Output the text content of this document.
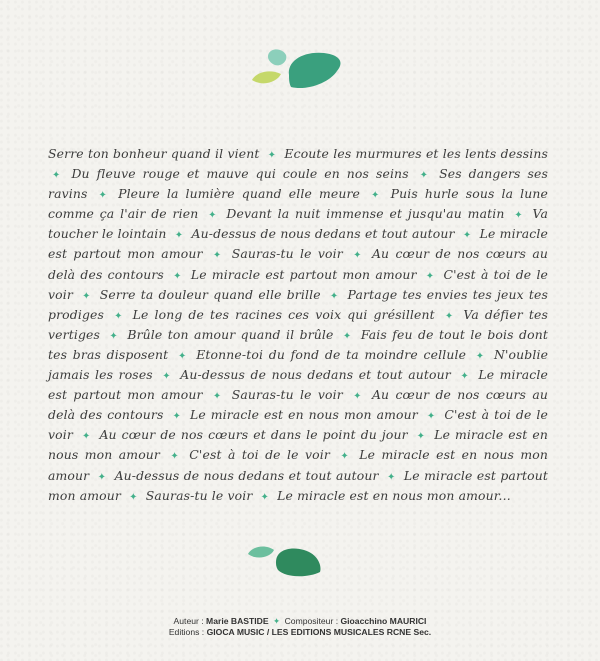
Serre ton bonheur quand il vient ✦ Ecoute les murmures et les lents dessins ✦ Du fleuve rouge et mauve qui coule en nos seins ✦ Ses dangers ses ravins ✦ Pleure la lumière quand elle meure ✦ Puis hurle sous la lune comme ça l'air de rien ✦ Devant la nuit immense et jusqu'au matin ✦ Va toucher le lointain ✦ Au-dessus de nous dedans et tout autour ✦ Le miracle est partout mon amour ✦ Sauras-tu le voir ✦ Au cœur de nos cœurs au delà des contours ✦ Le miracle est partout mon amour ✦ C'est à toi de le voir ✦ Serre ta douleur quand elle brille ✦ Partage tes envies tes jeux tes prodiges ✦ Le long de tes racines ces voix qui grésillent ✦ Va défier tes vertiges ✦ Brûle ton amour quand il brûle ✦ Fais feu de tout le bois dont tes bras disposent ✦ Etonne-toi du fond de ta moindre cellule ✦ N'oublie jamais les roses ✦ Au-dessus de nous dedans et tout autour ✦ Le miracle est partout mon amour ✦ Sauras-tu le voir ✦ Au cœur de nos cœurs au delà des contours ✦ Le miracle est en nous mon amour ✦ C'est à toi de le voir ✦ Au cœur de nos cœurs et dans le point du jour ✦ Le miracle est en nous mon amour ✦ C'est à toi de le voir ✦ Le miracle est en nous mon amour ✦ Au-dessus de nous dedans et tout autour ✦ Le miracle est partout mon amour ✦ Sauras-tu le voir ✦ Le miracle est en nous mon amour...
Auteur : Marie BASTIDE ✦ Compositeur : Gioacchino MAURICI
Editions : GIOCA MUSIC / LES EDITIONS MUSICALES RCNE Sec.
